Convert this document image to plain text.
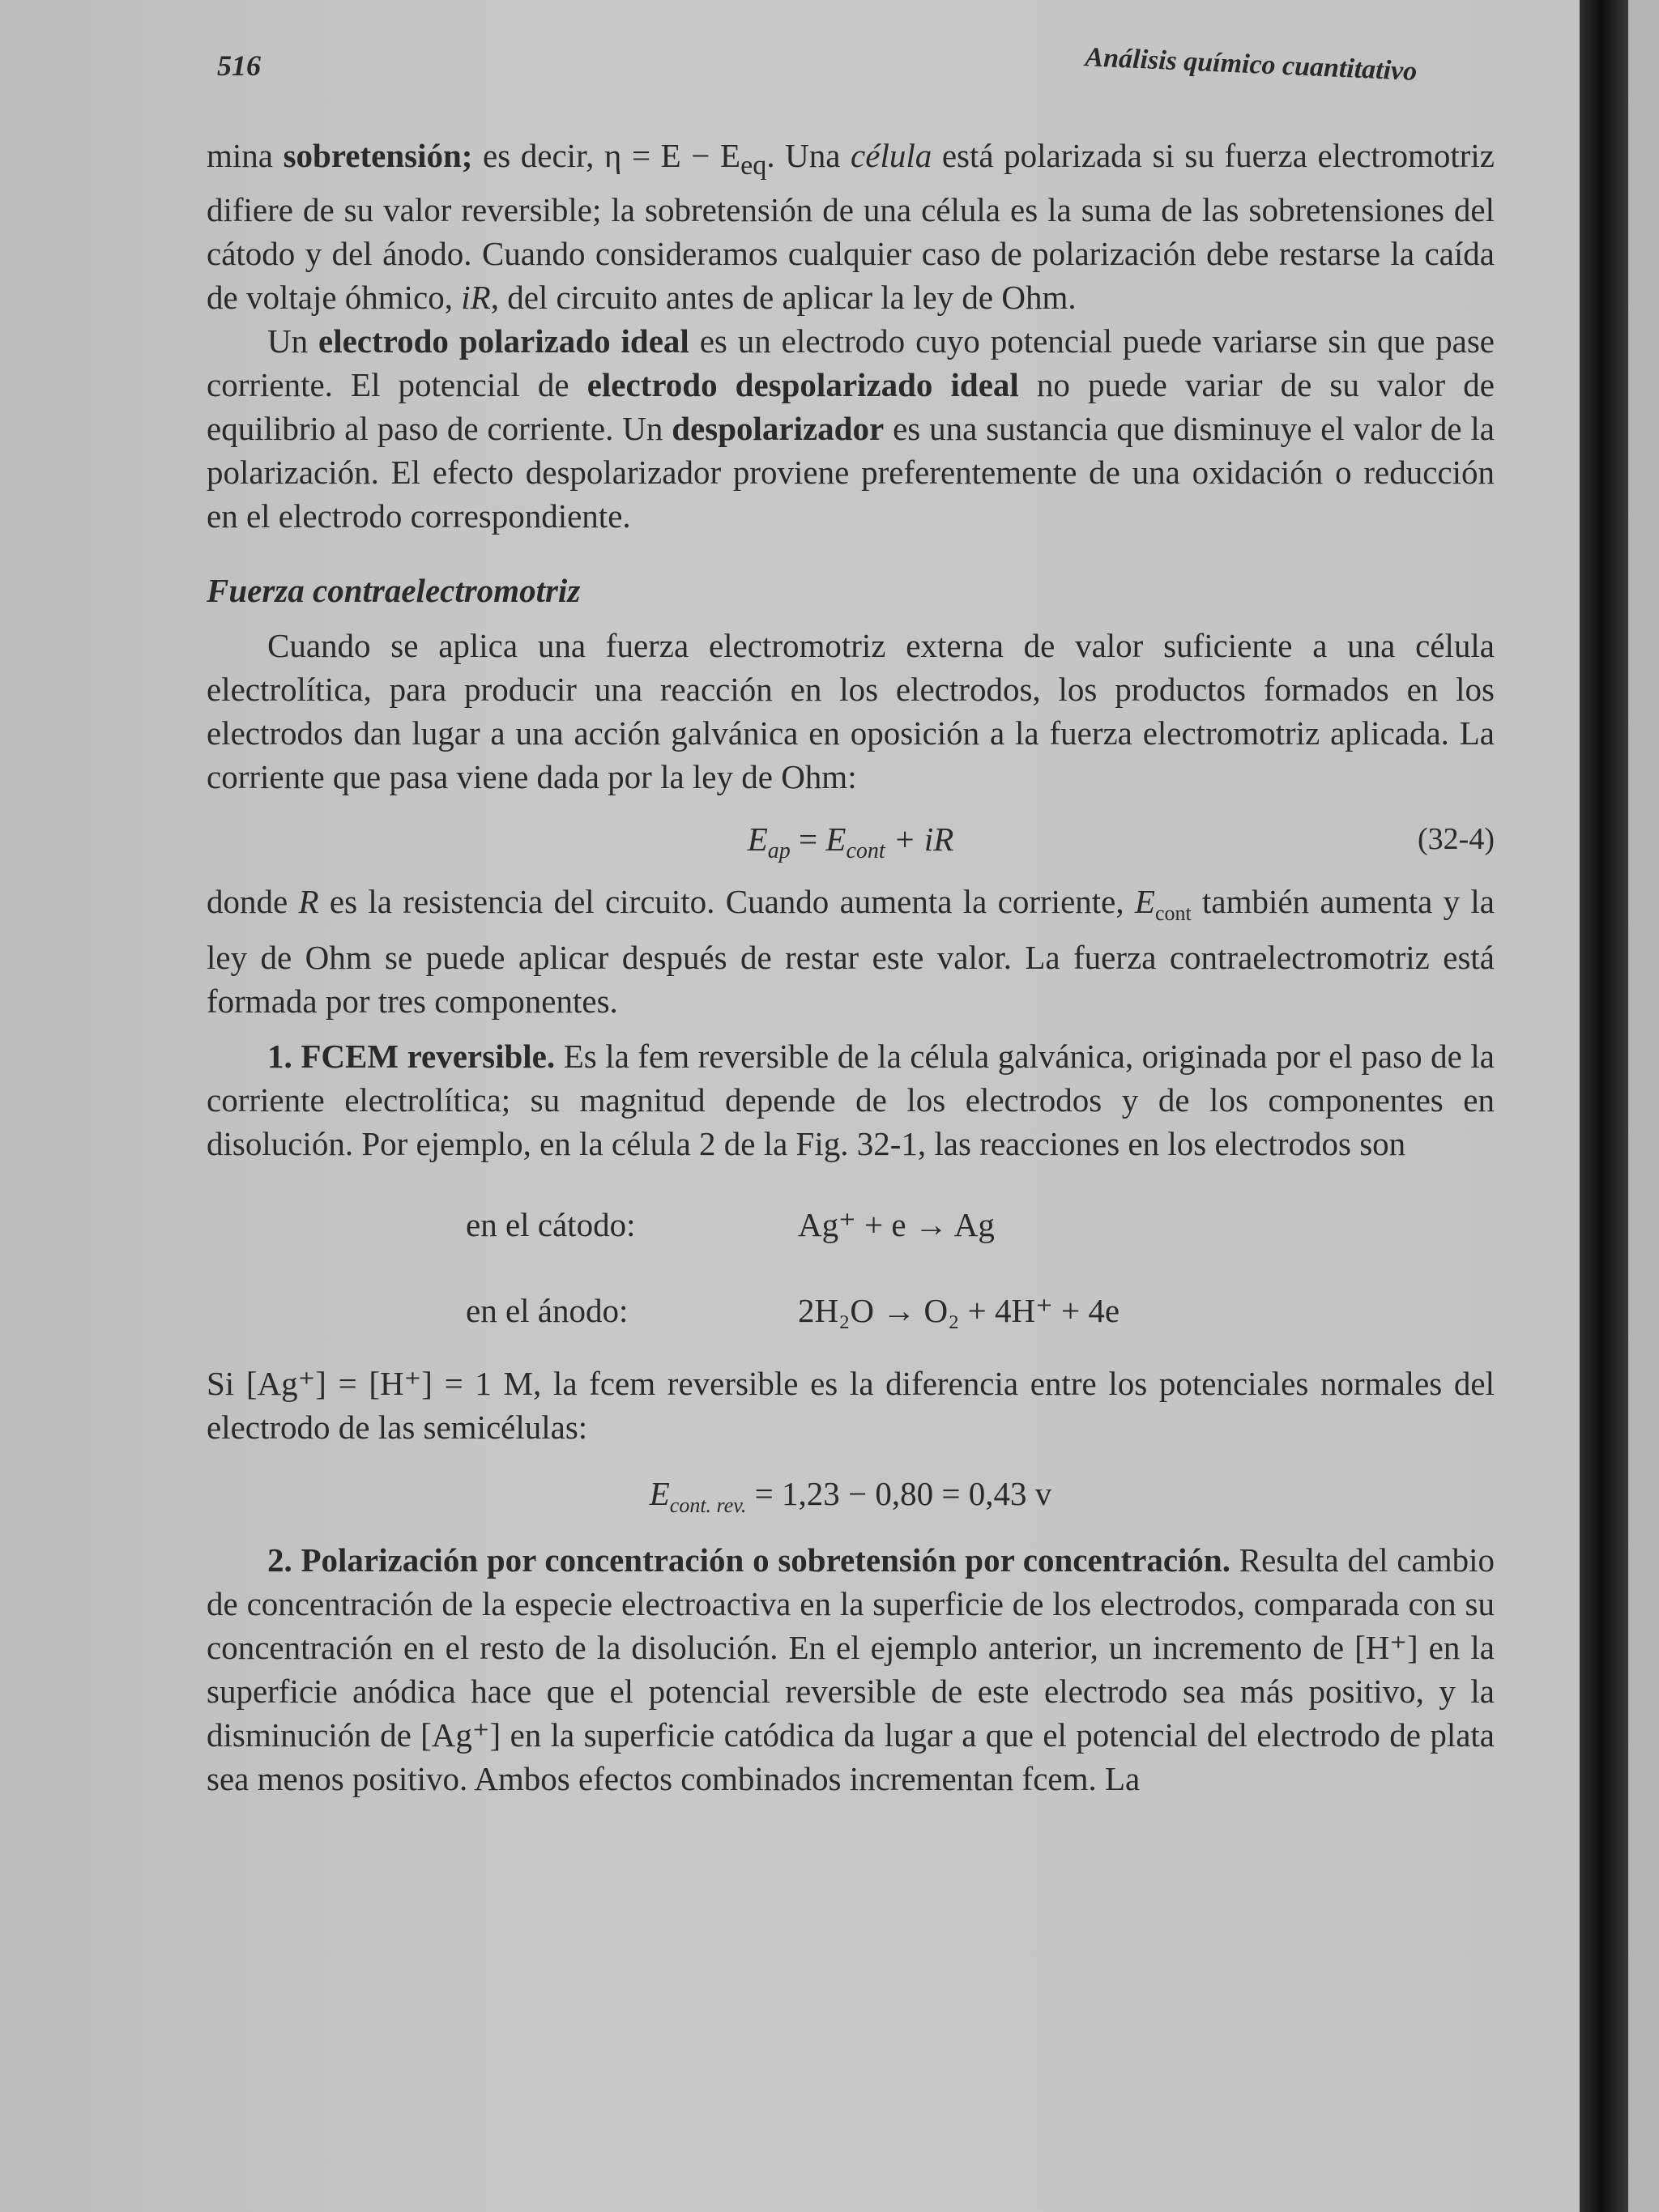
516	Análisis químico cuantitativo

mina sobretensión; es decir, $\eta = E - E_{eq}$. Una célula está polarizada si su fuerza electromotriz difiere de su valor reversible; la sobretensión de una célula es la suma de las sobretensiones del cátodo y del ánodo. Cuando consideramos cualquier caso de polarización debe restarse la caída de voltaje óhmico, iR, del circuito antes de aplicar la ley de Ohm.

Un electrodo polarizado ideal es un electrodo cuyo potencial puede variarse sin que pase corriente. El potencial de electrodo despolarizado ideal no puede variar de su valor de equilibrio al paso de corriente. Un despolarizador es una sustancia que disminuye el valor de la polarización. El efecto despolarizador proviene preferentemente de una oxidación o reducción en el electrodo correspondiente.

Fuerza contraelectromotriz

Cuando se aplica una fuerza electromotriz externa de valor suficiente a una célula electrolítica, para producir una reacción en los electrodos, los productos formados en los electrodos dan lugar a una acción galvánica en oposición a la fuerza electromotriz aplicada. La corriente que pasa viene dada por la ley de Ohm:

$E_{ap} = E_{cont}$ + iR	(32-4)

donde R es la resistencia del circuito. Cuando aumenta la corriente, $E_{cont}$ también aumenta y la ley de Ohm se puede aplicar después de restar este valor. La fuerza contraelectromotriz está formada por tres componentes.

1. FCEM reversible. Es la fem reversible de la célula galvánica, originada por el paso de la corriente electrolítica; su magnitud depende de los electrodos y de los componentes en disolución. Por ejemplo, en la célula 2 de la Fig. 32-1, las reacciones en los electrodos son

en el cátodo:	Ag⁺ + e → Ag
en el ánodo:	2H₂O → O₂ + 4H⁺ + 4e

Si [Ag⁺] = [H⁺] = 1 M, la fcem reversible es la diferencia entre los potenciales normales del electrodo de las semicélulas:

$E_{cont. rev.} = 1,23 - 0,80 = 0,43$ v

2. Polarización por concentración o sobretensión por concentración. Resulta del cambio de concentración de la especie electroactiva en la superficie de los electrodos, comparada con su concentración en el resto de la disolución. En el ejemplo anterior, un incremento de [H⁺] en la superficie anódica hace que el potencial reversible de este electrodo sea más positivo, y la disminución de [Ag⁺] en la superficie catódica da lugar a que el potencial del electrodo de plata sea menos positivo. Ambos efectos combinados incrementan fcem. La
